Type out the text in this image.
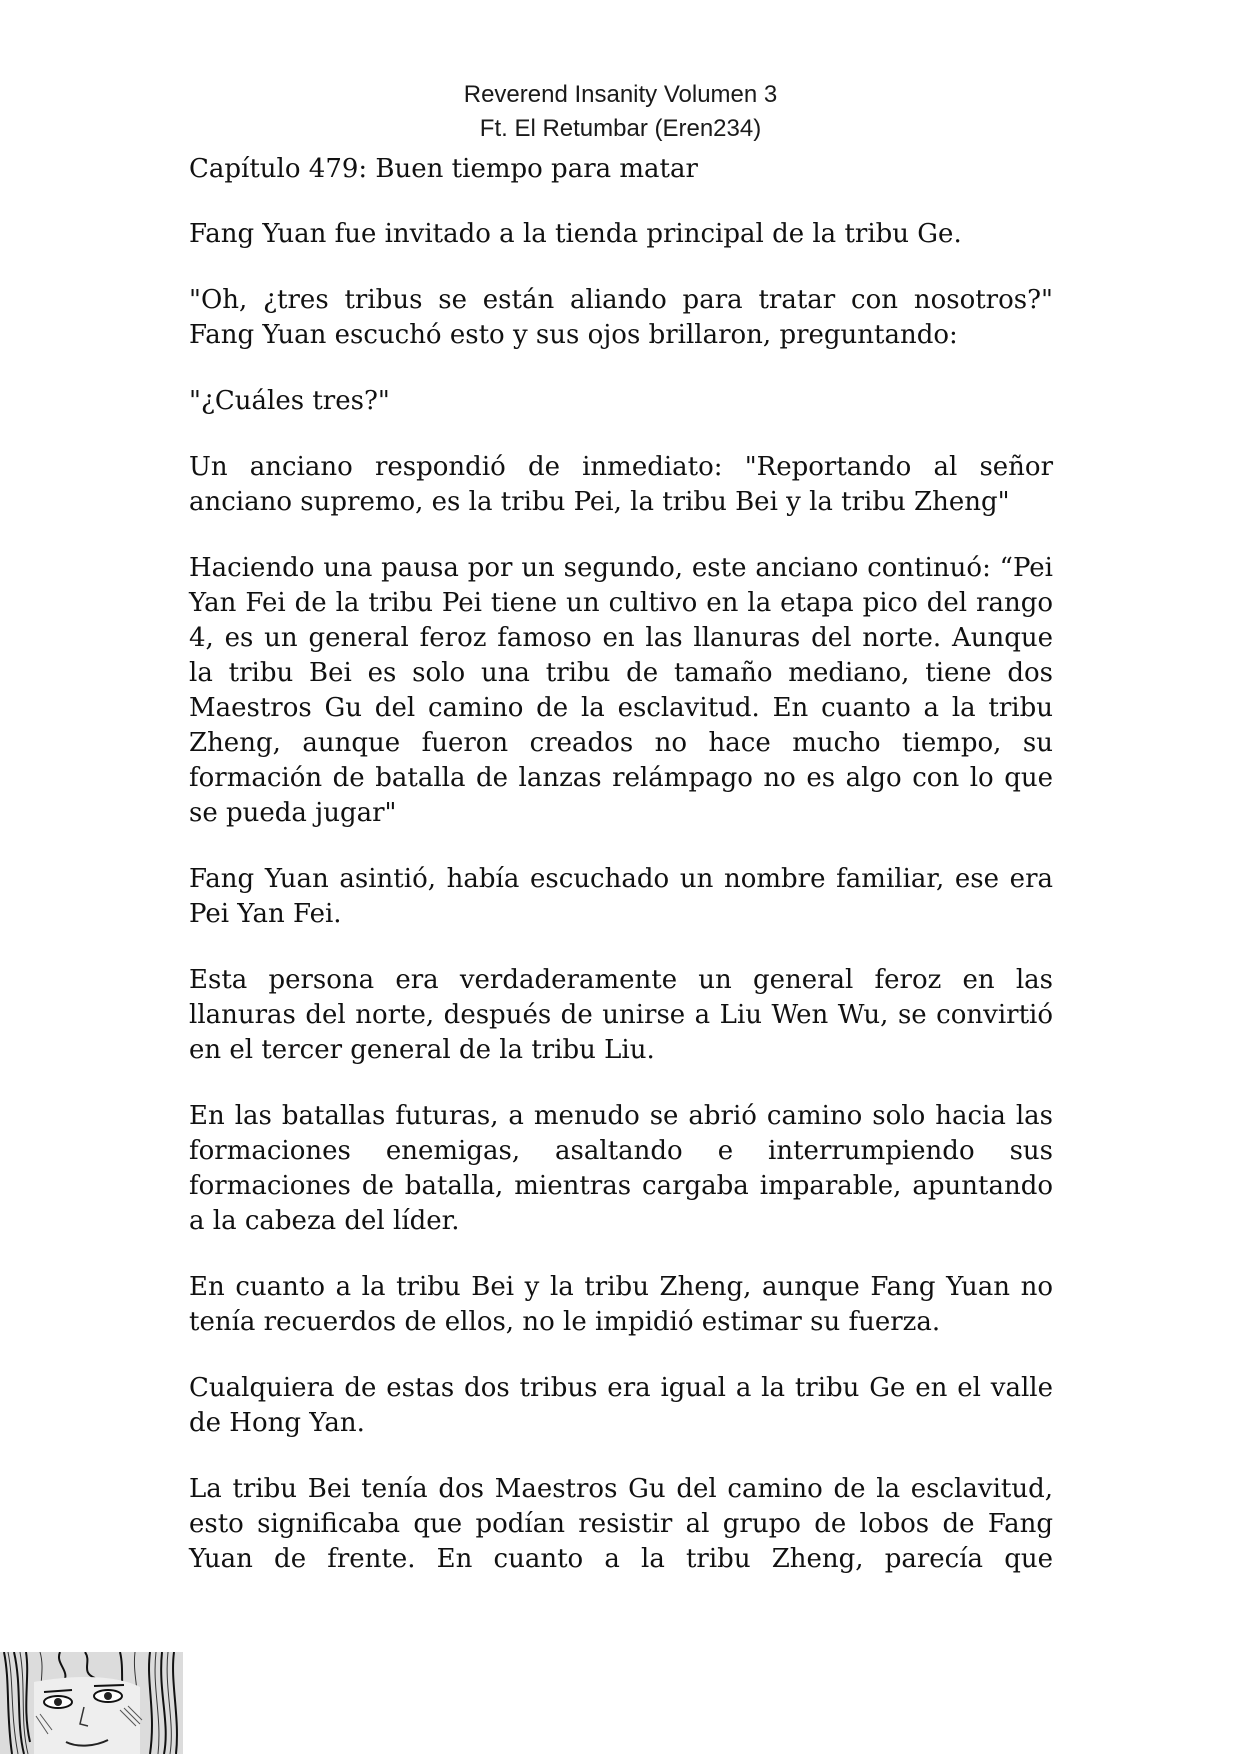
Reverend Insanity Volumen 3
Ft. El Retumbar (Eren234)
Capítulo 479: Buen tiempo para matar

Fang Yuan fue invitado a la tienda principal de la tribu Ge.

"Oh, ¿tres tribus se están aliando para tratar con nosotros?" Fang Yuan escuchó esto y sus ojos brillaron, preguntando:

"¿Cuáles tres?"

Un anciano respondió de inmediato: "Reportando al señor anciano supremo, es la tribu Pei, la tribu Bei y la tribu Zheng"

Haciendo una pausa por un segundo, este anciano continuó: “Pei Yan Fei de la tribu Pei tiene un cultivo en la etapa pico del rango 4, es un general feroz famoso en las llanuras del norte. Aunque la tribu Bei es solo una tribu de tamaño mediano, tiene dos Maestros Gu del camino de la esclavitud. En cuanto a la tribu Zheng, aunque fueron creados no hace mucho tiempo, su formación de batalla de lanzas relámpago no es algo con lo que se pueda jugar"

Fang Yuan asintió, había escuchado un nombre familiar, ese era Pei Yan Fei.

Esta persona era verdaderamente un general feroz en las llanuras del norte, después de unirse a Liu Wen Wu, se convirtió en el tercer general de la tribu Liu.

En las batallas futuras, a menudo se abrió camino solo hacia las formaciones enemigas, asaltando e interrumpiendo sus formaciones de batalla, mientras cargaba imparable, apuntando a la cabeza del líder.

En cuanto a la tribu Bei y la tribu Zheng, aunque Fang Yuan no tenía recuerdos de ellos, no le impidió estimar su fuerza.

Cualquiera de estas dos tribus era igual a la tribu Ge en el valle de Hong Yan.

La tribu Bei tenía dos Maestros Gu del camino de la esclavitud, esto significaba que podían resistir al grupo de lobos de Fang Yuan de frente. En cuanto a la tribu Zheng, parecía que
